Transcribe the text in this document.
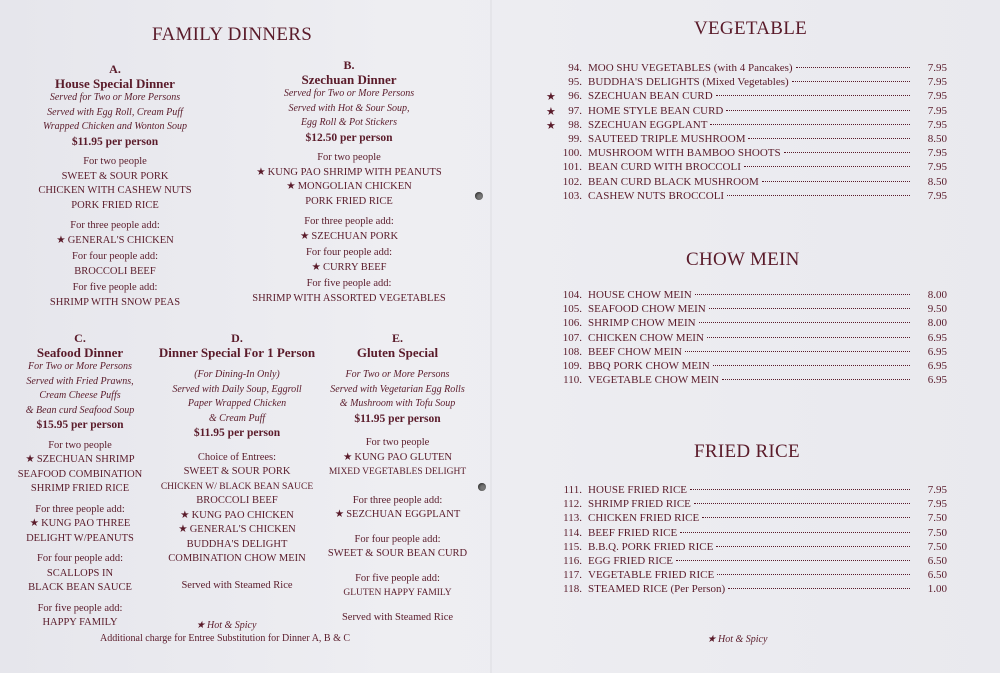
FAMILY DINNERS
A.
House Special Dinner
Served for Two or More Persons
Served with Egg Roll, Cream Puff
Wrapped Chicken and Wonton Soup
$11.95 per person
For two people
SWEET & SOUR PORK
CHICKEN WITH CASHEW NUTS
PORK FRIED RICE
For three people add:
★ GENERAL'S CHICKEN
For four people add:
BROCCOLI BEEF
For five people add:
SHRIMP WITH SNOW PEAS
B.
Szechuan Dinner
Served for Two or More Persons
Served with Hot & Sour Soup,
Egg Roll & Pot Stickers
$12.50 per person
For two people
★ KUNG PAO SHRIMP WITH PEANUTS
★ MONGOLIAN CHICKEN
PORK FRIED RICE
For three people add:
★ SZECHUAN PORK
For four people add:
★ CURRY BEEF
For five people add:
SHRIMP WITH ASSORTED VEGETABLES
C.
Seafood Dinner
For Two or More Persons
Served with Fried Prawns,
Cream Cheese Puffs
& Bean curd Seafood Soup
$15.95 per person
For two people
★ SZECHUAN SHRIMP
SEAFOOD COMBINATION
SHRIMP FRIED RICE
For three people add:
★ KUNG PAO THREE
DELIGHT W/PEANUTS
For four people add:
SCALLOPS IN
BLACK BEAN SAUCE
For five people add:
HAPPY FAMILY
D.
Dinner Special For 1 Person
(For Dining-In Only)
Served with Daily Soup, Eggroll
Paper Wrapped Chicken
& Cream Puff
$11.95 per person
Choice of Entrees:
SWEET & SOUR PORK
CHICKEN W/ BLACK BEAN SAUCE
BROCCOLI BEEF
★ KUNG PAO CHICKEN
★ GENERAL'S CHICKEN
BUDDHA'S DELIGHT
COMBINATION CHOW MEIN
Served with Steamed Rice
E.
Gluten Special
For Two or More Persons
Served with Vegetarian Egg Rolls
& Mushroom with Tofu Soup
$11.95 per person
For two people
★ KUNG PAO GLUTEN
MIXED VEGETABLES DELIGHT
For three people add:
★ SEZCHUAN EGGPLANT
For four people add:
SWEET & SOUR BEAN CURD
For five people add:
GLUTEN HAPPY FAMILY
Served with Steamed Rice
★ Hot & Spicy
Additional charge for Entree Substitution for Dinner A, B & C
VEGETABLE
94. MOO SHU VEGETABLES (with 4 Pancakes)	7.95
95. BUDDHA'S DELIGHTS (Mixed Vegetables)	7.95
96. SZECHUAN BEAN CURD	7.95
★
97. HOME STYLE BEAN CURD	7.95
★
98. SZECHUAN EGGPLANT	7.95
★
99. SAUTEED TRIPLE MUSHROOM	8.50
100. MUSHROOM WITH BAMBOO SHOOTS	7.95
101. BEAN CURD WITH BROCCOLI	7.95
102. BEAN CURD BLACK MUSHROOM	8.50
103. CASHEW NUTS BROCCOLI	7.95
CHOW MEIN
104. HOUSE CHOW MEIN	8.00
105. SEAFOOD CHOW MEIN	9.50
106. SHRIMP CHOW MEIN	8.00
107. CHICKEN CHOW MEIN	6.95
108. BEEF CHOW MEIN	6.95
109. BBQ PORK CHOW MEIN	6.95
110. VEGETABLE CHOW MEIN	6.95
FRIED RICE
111. HOUSE FRIED RICE	7.95
112. SHRIMP FRIED RICE	7.95
113. CHICKEN FRIED RICE	7.50
114. BEEF FRIED RICE	7.50
115. B.B.Q. PORK FRIED RICE	7.50
116. EGG FRIED RICE	6.50
117. VEGETABLE FRIED RICE	6.50
118. STEAMED RICE (Per Person)	1.00
★ Hot & Spicy
